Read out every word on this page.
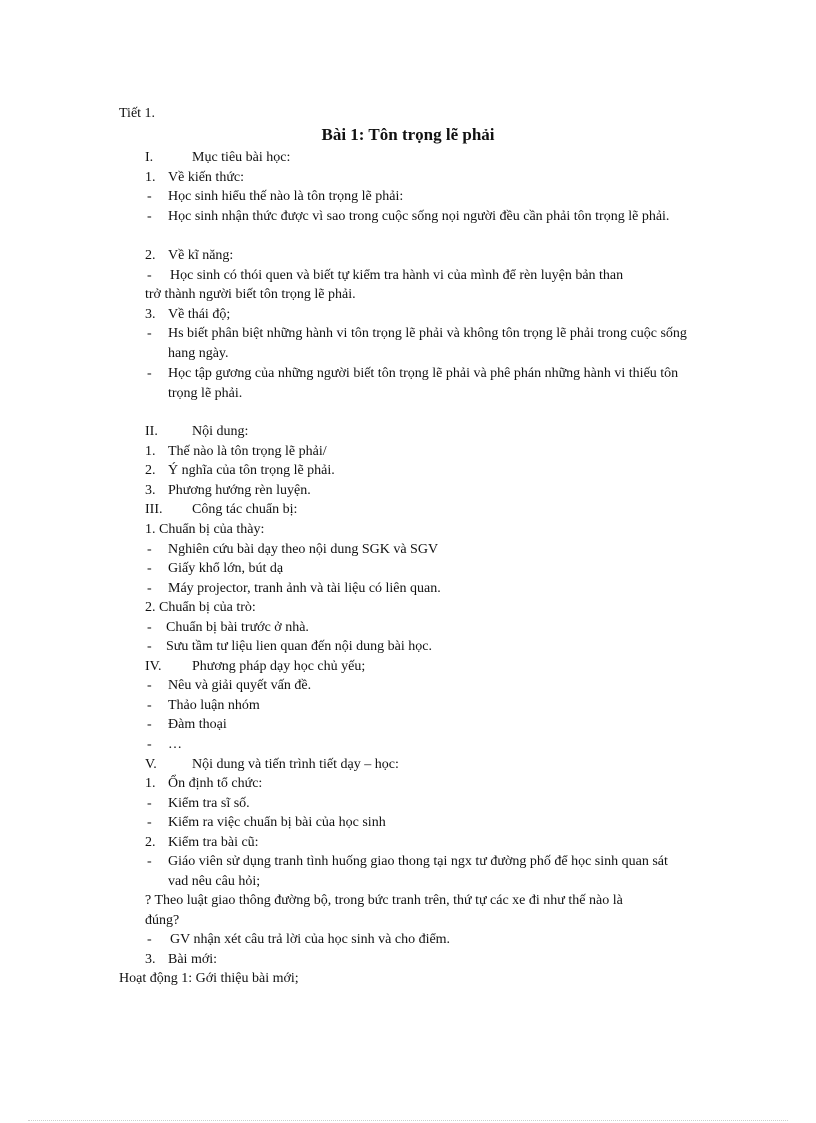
Tiết 1.
Bài 1: Tôn trọng lẽ phải
I.	Mục tiêu bài học:
1. Về kiến thức:
- Học sinh hiểu thế nào là tôn trọng lẽ phải:
- Học sinh nhận thức được vì sao trong cuộc sống nọi người đều cần phải tôn trọng lẽ phải.
2. Về kĩ năng:
- Học sinh có thói quen và biết tự kiểm tra hành vi của mình để rèn luyện bản than
trở thành người biết tôn trọng lẽ phải.
3. Về thái độ;
- Hs biết phân biệt những hành vi tôn trọng lẽ phải và không tôn trọng lẽ phải trong cuộc sống hang ngày.
- Học tập gương của những người biết tôn trọng lẽ phải và phê phán những hành vi thiếu tôn trọng lẽ phải.
II. Nội dung:
1. Thế nào là tôn trọng lẽ phải/
2. Ý nghĩa của tôn trọng lẽ phải.
3. Phương hướng rèn luyện.
III. Công tác chuẩn bị:
1. Chuẩn bị của thày:
- Nghiên cứu bài dạy theo nội dung SGK và SGV
- Giấy khổ lớn, bút dạ
- Máy projector, tranh ảnh và tài liệu có liên quan.
2. Chuẩn bị của trò:
- Chuẩn bị bài trước ở nhà.
- Sưu tầm tư liệu lien quan đến nội dung bài học.
IV. Phương pháp dạy học chủ yếu;
- Nêu và giải quyết vấn đề.
- Thảo luận nhóm
- Đàm thoại
- …
V.	Nội dung và tiến trình tiết dạy – học:
1. Ổn định tổ chức:
- Kiểm tra sĩ số.
- Kiểm ra việc chuẩn bị bài của học sinh
2. Kiểm tra bài cũ:
- Giáo viên sử dụng tranh tình huống giao thong tại ngx tư đường phố để học sinh quan sát vad nêu câu hỏi;
? Theo luật giao thông đường bộ, trong bức tranh trên, thứ tự các xe đi như thế nào là
đúng?
- GV nhận xét câu trả lời của học sinh và cho điểm.
3. Bài mới:
Hoạt động 1: Gới thiệu bài mới;
